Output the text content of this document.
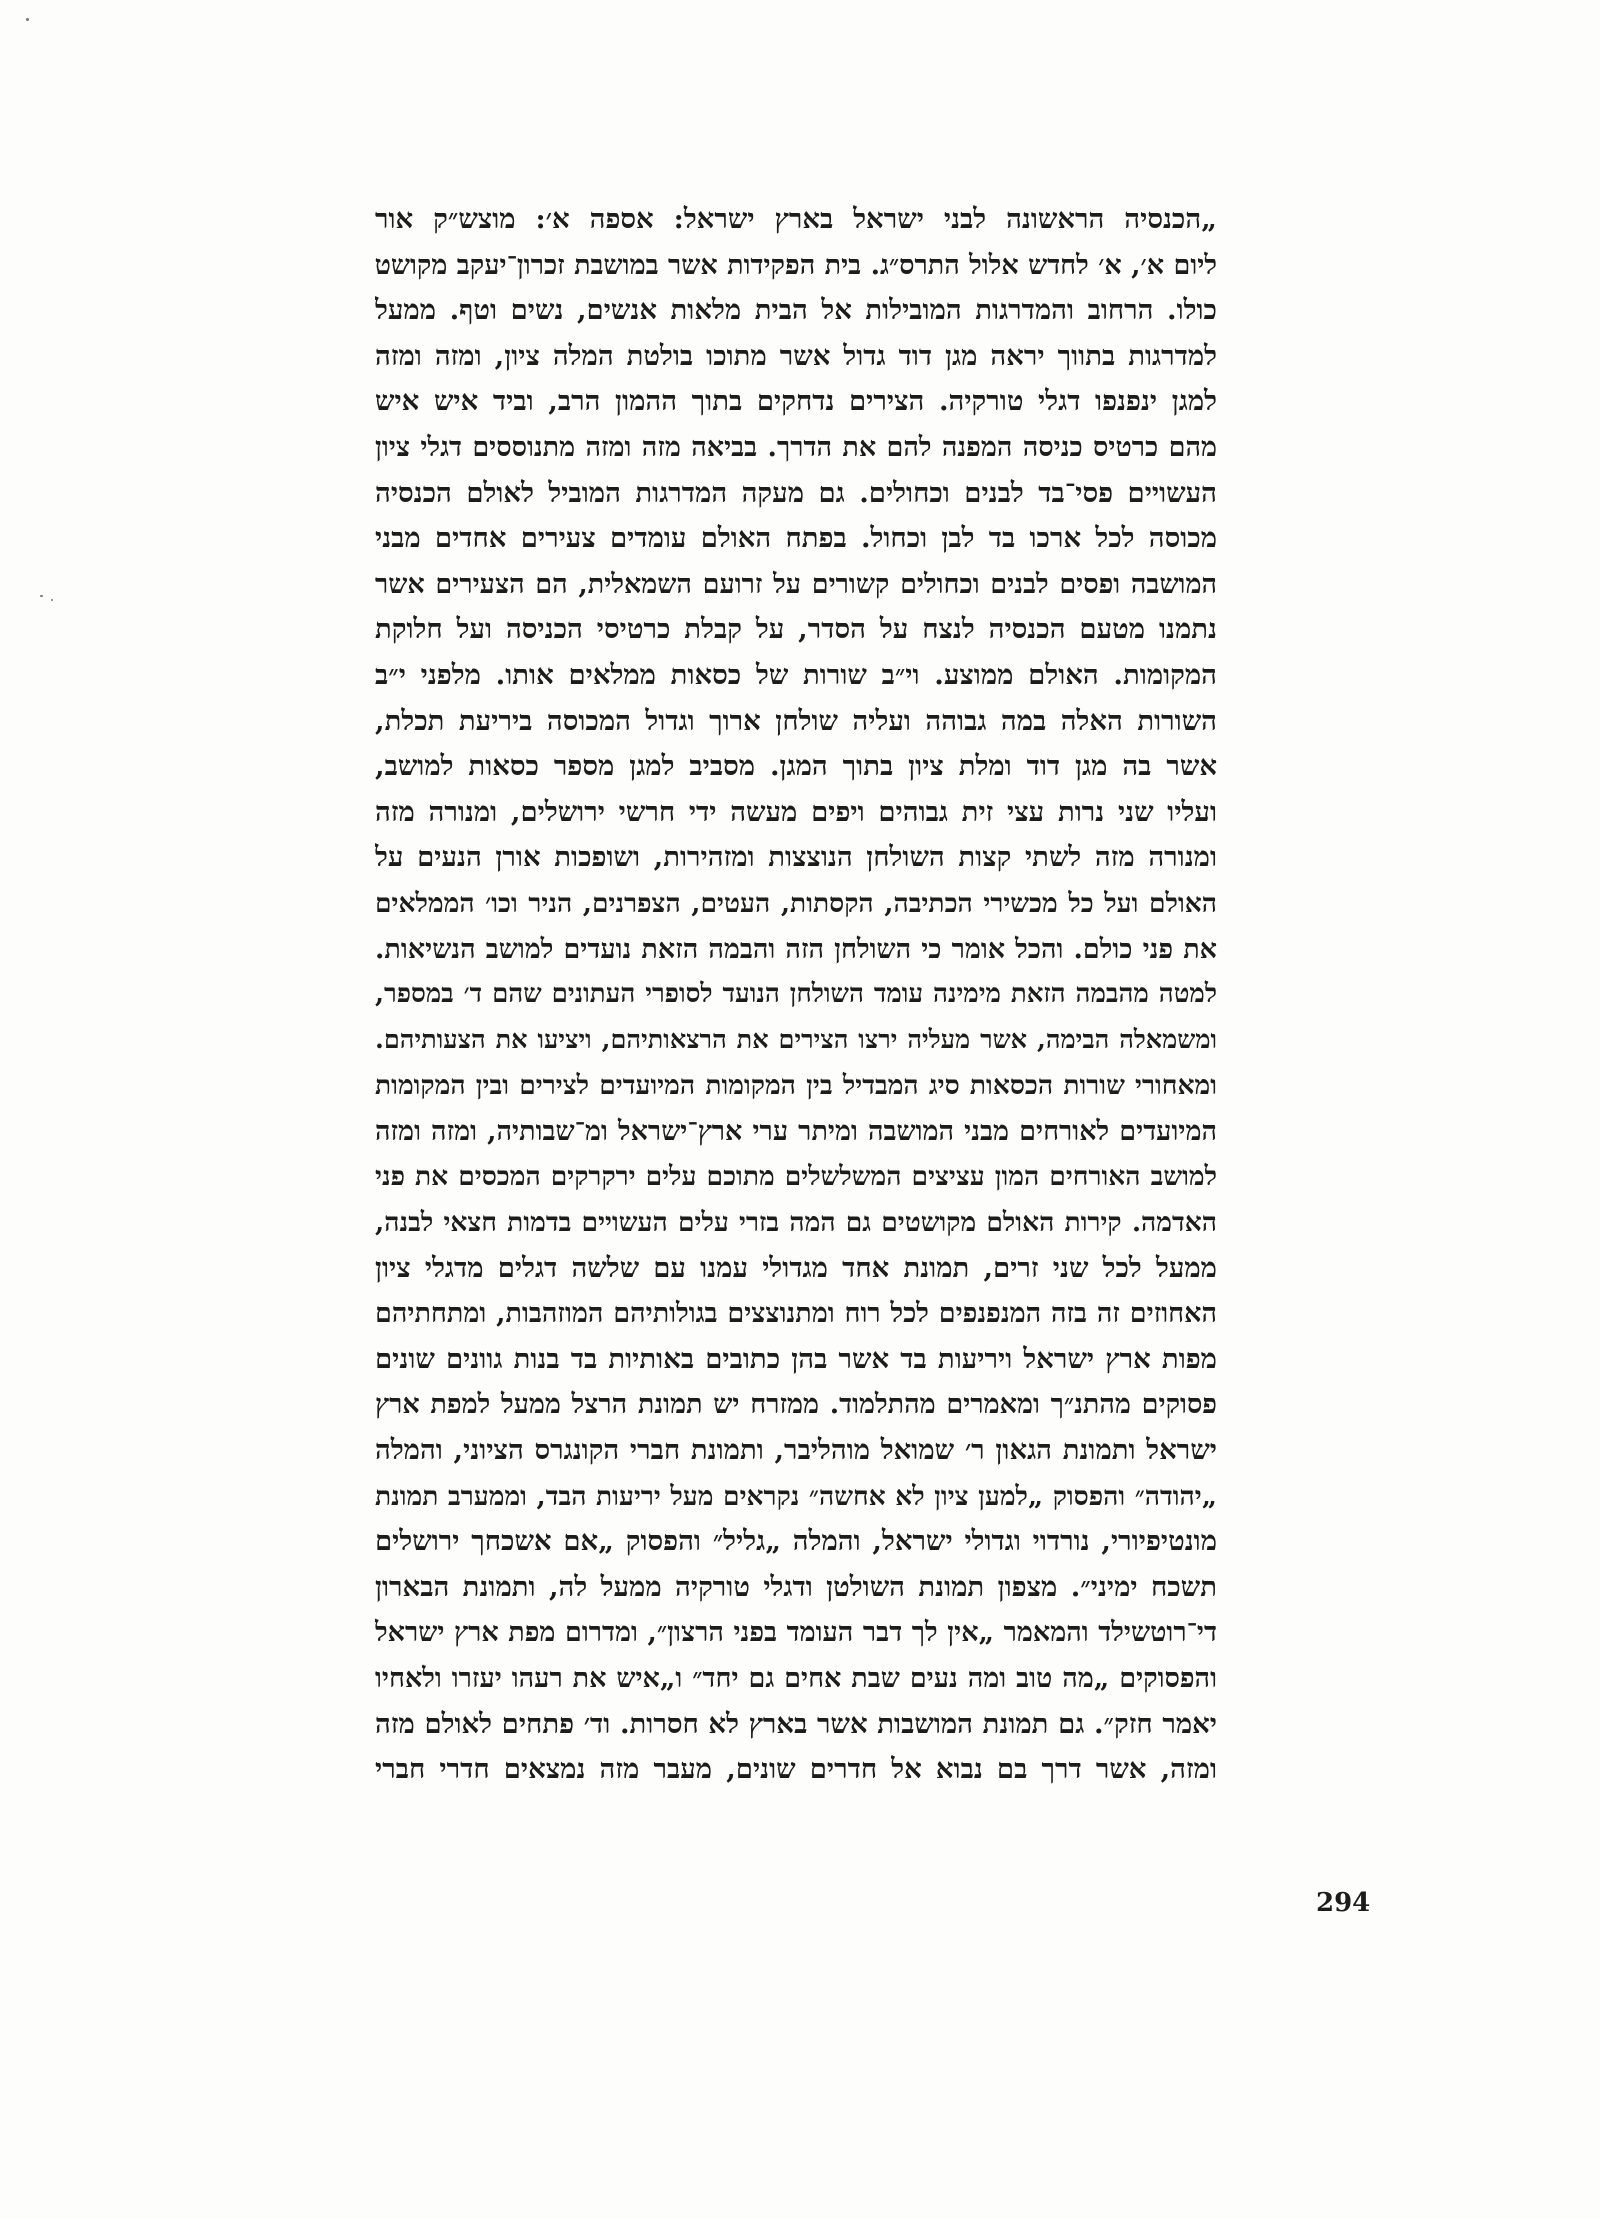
„הכנסיה הראשונה לבני ישראל בארץ ישראל: אספה א׳: מוצש״ק אור
ליום א׳, א׳ לחדש אלול התרס״ג. בית הפקידות אשר במושבת זכרון־יעקב מקושט
כולו. הרחוב והמדרגות המובילות אל הבית מלאות אנשים, נשים וטף. ממעל
למדרגות בתווך יראה מגן דוד גדול אשר מתוכו בולטת המלה ציון, ומזה ומזה
למגן ינפנפו דגלי טורקיה. הצירים נדחקים בתוך ההמון הרב, וביד איש איש
מהם כרטיס כניסה המפנה להם את הדרך. בביאה מזה ומזה מתנוססים דגלי ציון
העשויים פסי־בד לבנים וכחולים. גם מעקה המדרגות המוביל לאולם הכנסיה
מכוסה לכל ארכו בד לבן וכחול. בפתח האולם עומדים צעירים אחדים מבני
המושבה ופסים לבנים וכחולים קשורים על זרועם השמאלית, הם הצעירים אשר
נתמנו מטעם הכנסיה לנצח על הסדר, על קבלת כרטיסי הכניסה ועל חלוקת
המקומות. האולם ממוצע. וי״ב שורות של כסאות ממלאים אותו. מלפני י״ב
השורות האלה במה גבוהה ועליה שולחן ארוך וגדול המכוסה ביריעת תכלת,
אשר בה מגן דוד ומלת ציון בתוך המגן. מסביב למגן מספר כסאות למושב,
ועליו שני נרות עצי זית גבוהים ויפים מעשה ידי חרשי ירושלים, ומנורה מזה
ומנורה מזה לשתי קצות השולחן הנוצצות ומזהירות, ושופכות אורן הנעים על
האולם ועל כל מכשירי הכתיבה, הקסתות, העטים, הצפרנים, הניר וכו׳ הממלאים
את פני כולם. והכל אומר כי השולחן הזה והבמה הזאת נועדים למושב הנשיאות.
למטה מהבמה הזאת מימינה עומד השולחן הנועד לסופרי העתונים שהם ד׳ במספר,
ומשמאלה הבימה, אשר מעליה ירצו הצירים את הרצאותיהם, ויציעו את הצעותיהם.
ומאחורי שורות הכסאות סיג המבדיל בין המקומות המיועדים לצירים ובין המקומות
המיועדים לאורחים מבני המושבה ומיתר ערי ארץ־ישראל ומ־שבותיה, ומזה ומזה
למושב האורחים המון עציצים המשלשלים מתוכם עלים ירקרקים המכסים את פני
האדמה. קירות האולם מקושטים גם המה בזרי עלים העשויים בדמות חצאי לבנה,
ממעל לכל שני זרים, תמונת אחד מגדולי עמנו עם שלשה דגלים מדגלי ציון
האחוזים זה בזה המנפנפים לכל רוח ומתנוצצים בגולותיהם המוזהבות, ומתחתיהם
מפות ארץ ישראל ויריעות בד אשר בהן כתובים באותיות בד בנות גוונים שונים
פסוקים מהתנ״ך ומאמרים מהתלמוד. ממזרח יש תמונת הרצל ממעל למפת ארץ
ישראל ותמונת הגאון ר׳ שמואל מוהליבר, ותמונת חברי הקונגרס הציוני, והמלה
„יהודה״ והפסוק „למען ציון לא אחשה״ נקראים מעל יריעות הבד, וממערב תמונת
מונטיפיורי, נורדוי וגדולי ישראל, והמלה „גליל״ והפסוק „אם אשכחך ירושלים
תשכח ימיני״. מצפון תמונת השולטן ודגלי טורקיה ממעל לה, ותמונת הבארון
די־רוטשילד והמאמר „אין לך דבר העומד בפני הרצון״, ומדרום מפת ארץ ישראל
והפסוקים „מה טוב ומה נעים שבת אחים גם יחד״ ו„איש את רעהו יעזרו ולאחיו
יאמר חזק״. גם תמונת המושבות אשר בארץ לא חסרות. וד׳ פתחים לאולם מזה
ומזה, אשר דרך בם נבוא אל חדרים שונים, מעבר מזה נמצאים חדרי חברי
294
